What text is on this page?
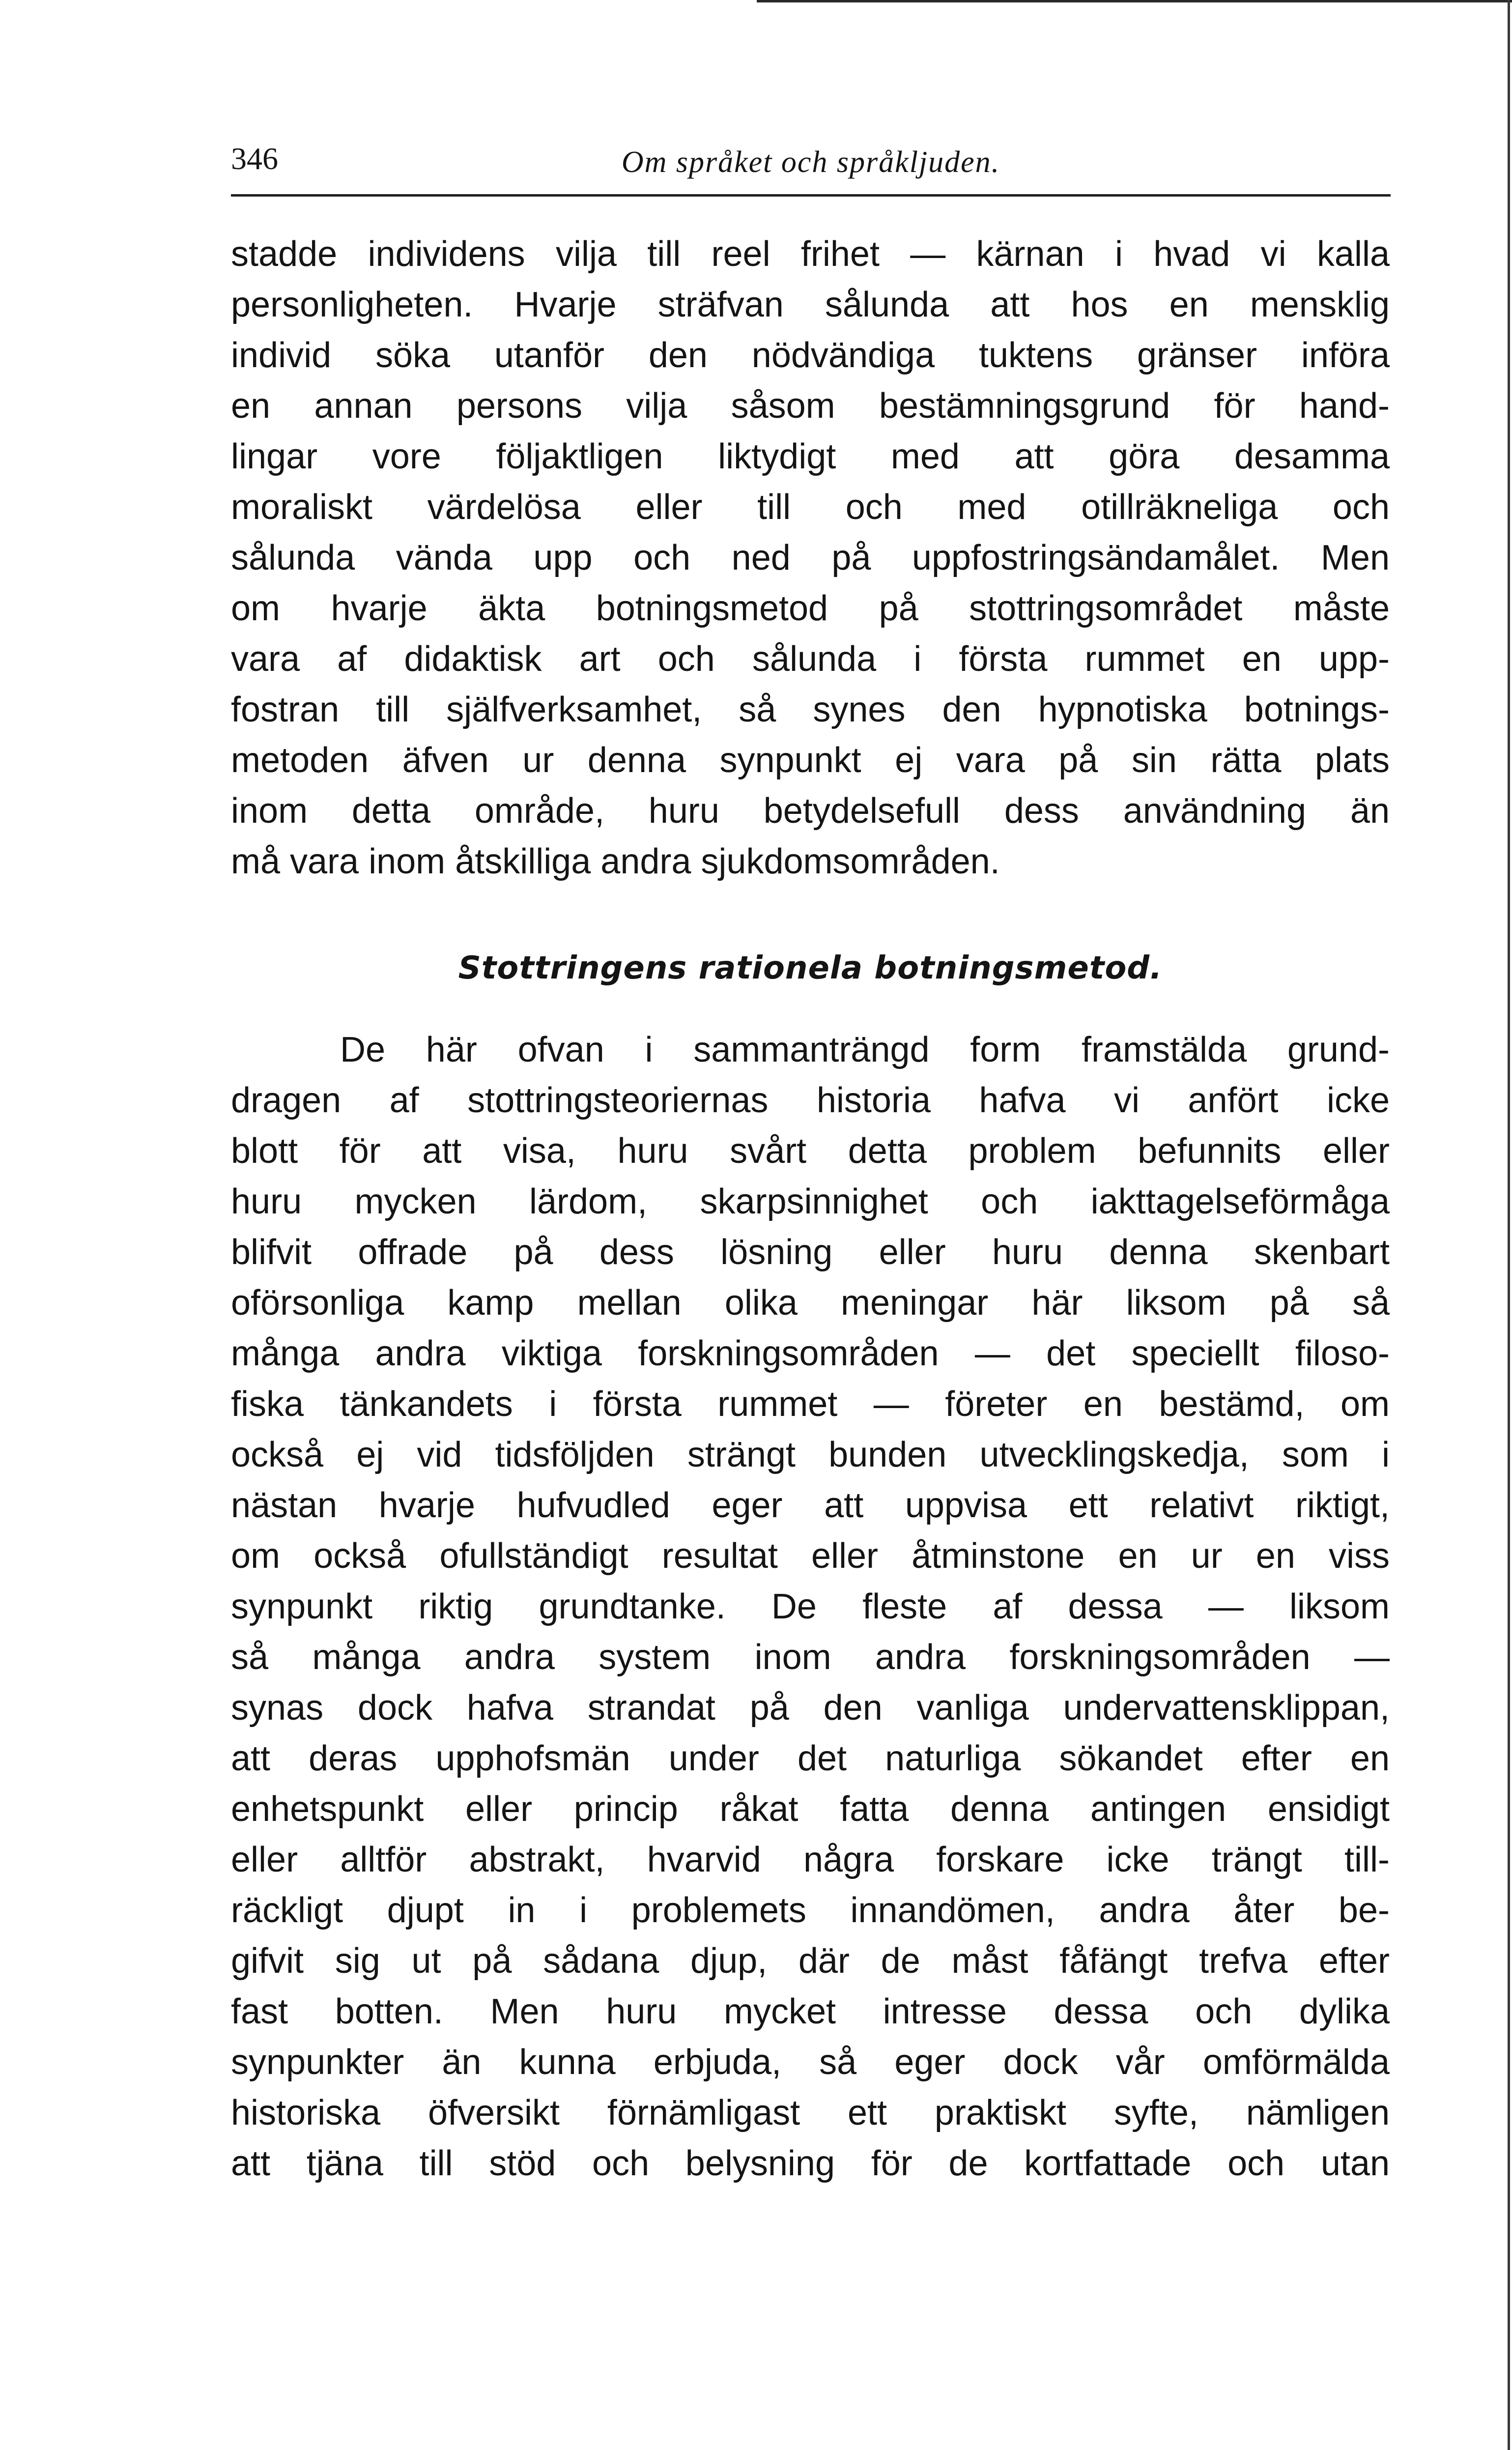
346	Om språket och språkljuden.
stadde individens vilja till reel frihet — kärnan i hvad vi kalla
personligheten. Hvarje sträfvan sålunda att hos en mensklig
individ söka utanför den nödvändiga tuktens gränser införa
en annan persons vilja såsom bestämningsgrund för hand-
lingar vore följaktligen liktydigt med att göra desamma
moraliskt värdelösa eller till och med otillräkneliga och
sålunda vända upp och ned på uppfostringsändamålet. Men
om hvarje äkta botningsmetod på stottringsområdet måste
vara af didaktisk art och sålunda i första rummet en upp-
fostran till själfverksamhet, så synes den hypnotiska botnings-
metoden äfven ur denna synpunkt ej vara på sin rätta plats
inom detta område, huru betydelsefull dess användning än
må vara inom åtskilliga andra sjukdomsområden.
Stottringens rationela botningsmetod.
De här ofvan i sammanträngd form framstälda grund-
dragen af stottringsteoriernas historia hafva vi anfört icke
blott för att visa, huru svårt detta problem befunnits eller
huru mycken lärdom, skarpsinnighet och iakttagelseförmåga
blifvit offrade på dess lösning eller huru denna skenbart
oförsonliga kamp mellan olika meningar här liksom på så
många andra viktiga forskningsområden — det speciellt filoso-
fiska tänkandets i första rummet — företer en bestämd, om
också ej vid tidsföljden strängt bunden utvecklingskedja, som i
nästan hvarje hufvudled eger att uppvisa ett relativt riktigt,
om också ofullständigt resultat eller åtminstone en ur en viss
synpunkt riktig grundtanke. De fleste af dessa — liksom
så många andra system inom andra forskningsområden —
synas dock hafva strandat på den vanliga undervattensklippan,
att deras upphofsmän under det naturliga sökandet efter en
enhetspunkt eller princip råkat fatta denna antingen ensidigt
eller alltför abstrakt, hvarvid några forskare icke trängt till-
räckligt djupt in i problemets innandömen, andra åter be-
gifvit sig ut på sådana djup, där de måst fåfängt trefva efter
fast botten. Men huru mycket intresse dessa och dylika
synpunkter än kunna erbjuda, så eger dock vår omförmälda
historiska öfversikt förnämligast ett praktiskt syfte, nämligen
att tjäna till stöd och belysning för de kortfattade och utan
